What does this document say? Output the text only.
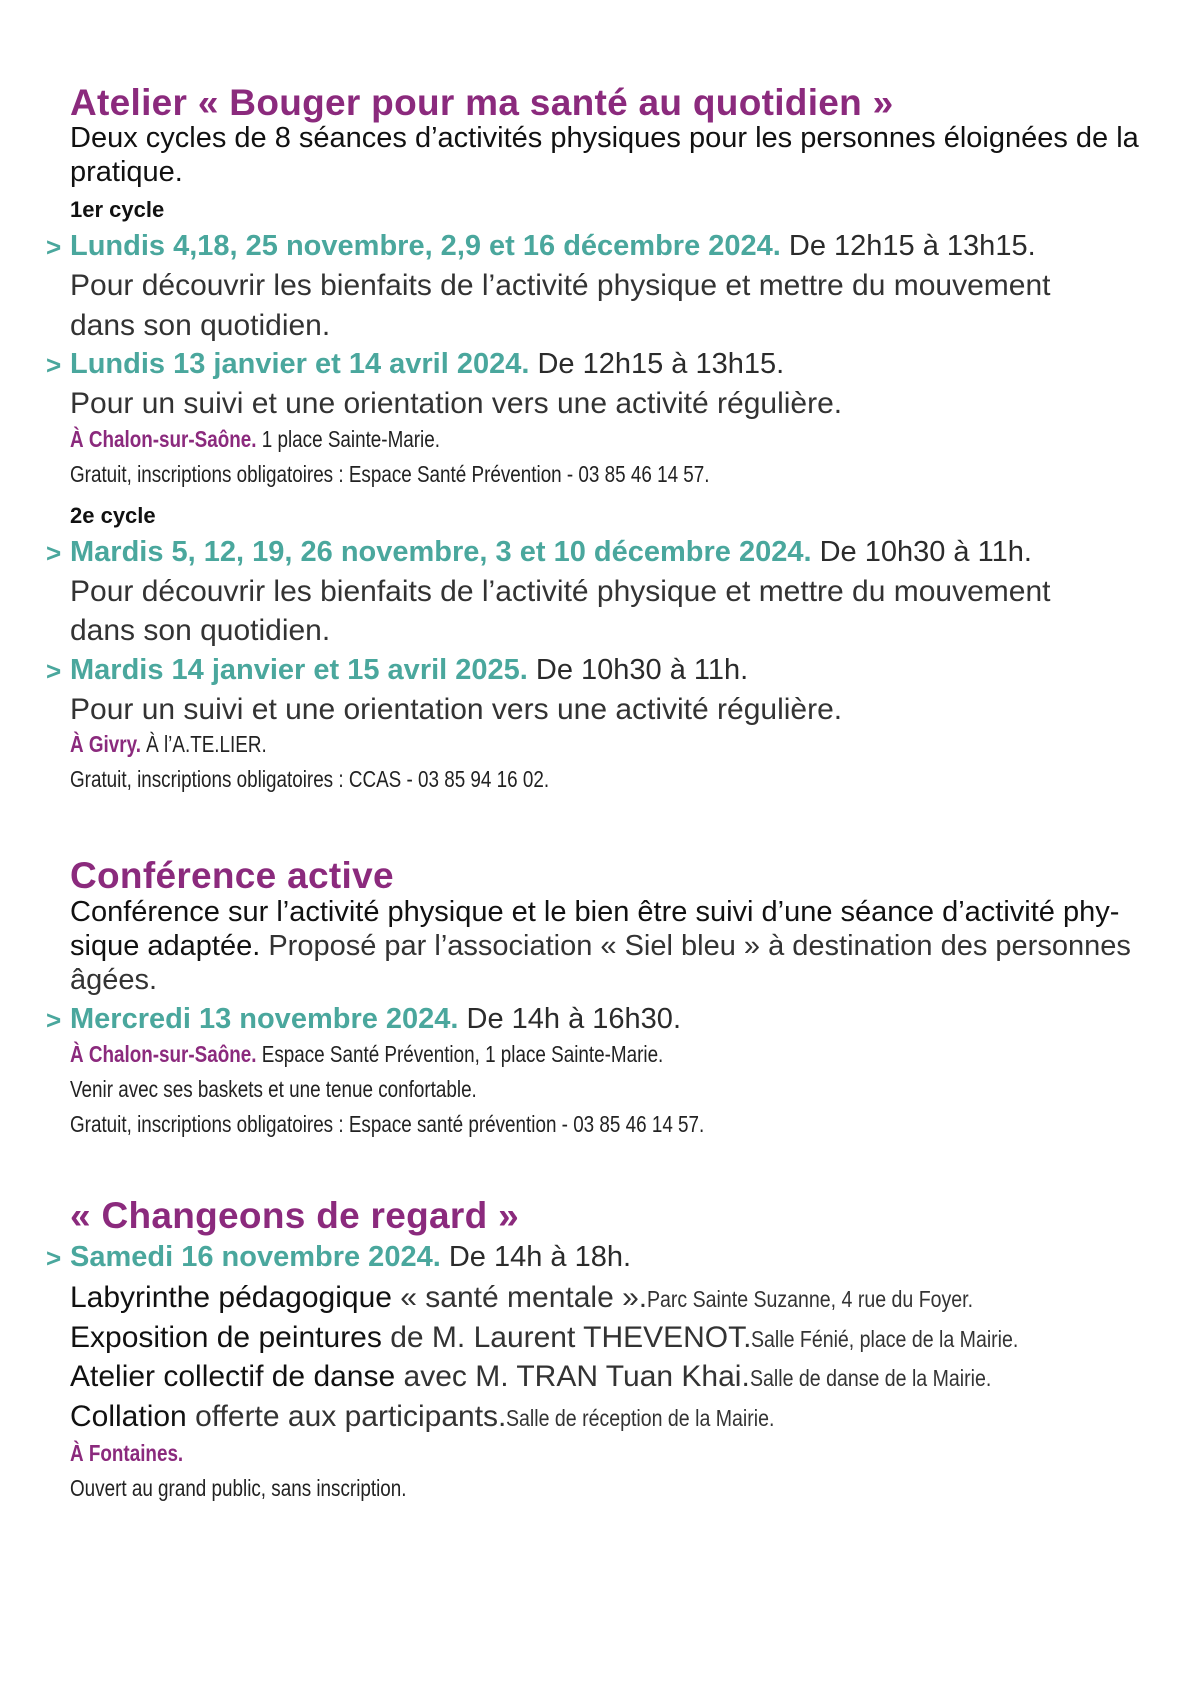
Atelier « Bouger pour ma santé au quotidien »
Deux cycles de 8 séances d’activités physiques pour les personnes éloignées de la
pratique.
1er cycle
> Lundis 4,18, 25 novembre, 2,9 et 16 décembre 2024. De 12h15 à 13h15.
Pour découvrir les bienfaits de l’activité physique et mettre du mouvement
dans son quotidien.
> Lundis 13 janvier et 14 avril 2024. De 12h15 à 13h15.
Pour un suivi et une orientation vers une activité régulière.
À Chalon-sur-Saône. 1 place Sainte-Marie.
Gratuit, inscriptions obligatoires : Espace Santé Prévention - 03 85 46 14 57.
2e cycle
> Mardis 5, 12, 19, 26 novembre, 3 et 10 décembre 2024. De 10h30 à 11h.
Pour découvrir les bienfaits de l’activité physique et mettre du mouvement
dans son quotidien.
> Mardis 14 janvier et 15 avril 2025. De 10h30 à 11h.
Pour un suivi et une orientation vers une activité régulière.
À Givry. À l’A.TE.LIER.
Gratuit, inscriptions obligatoires : CCAS - 03 85 94 16 02.
Conférence active
Conférence sur l’activité physique et le bien être suivi d’une séance d’activité phy-
sique adaptée. Proposé par l’association « Siel bleu » à destination des personnes
âgées.
> Mercredi 13 novembre 2024. De 14h à 16h30.
À Chalon-sur-Saône. Espace Santé Prévention, 1 place Sainte-Marie.
Venir avec ses baskets et une tenue confortable.
Gratuit, inscriptions obligatoires : Espace santé prévention - 03 85 46 14 57.
« Changeons de regard »
> Samedi 16 novembre 2024. De 14h à 18h.
Labyrinthe pédagogique « santé mentale ».Parc Sainte Suzanne, 4 rue du Foyer.
Exposition de peintures de M. Laurent THEVENOT.Salle Fénié, place de la Mairie.
Atelier collectif de danse avec M. TRAN Tuan Khai.Salle de danse de la Mairie.
Collation offerte aux participants.Salle de réception de la Mairie.
À Fontaines.
Ouvert au grand public, sans inscription.
